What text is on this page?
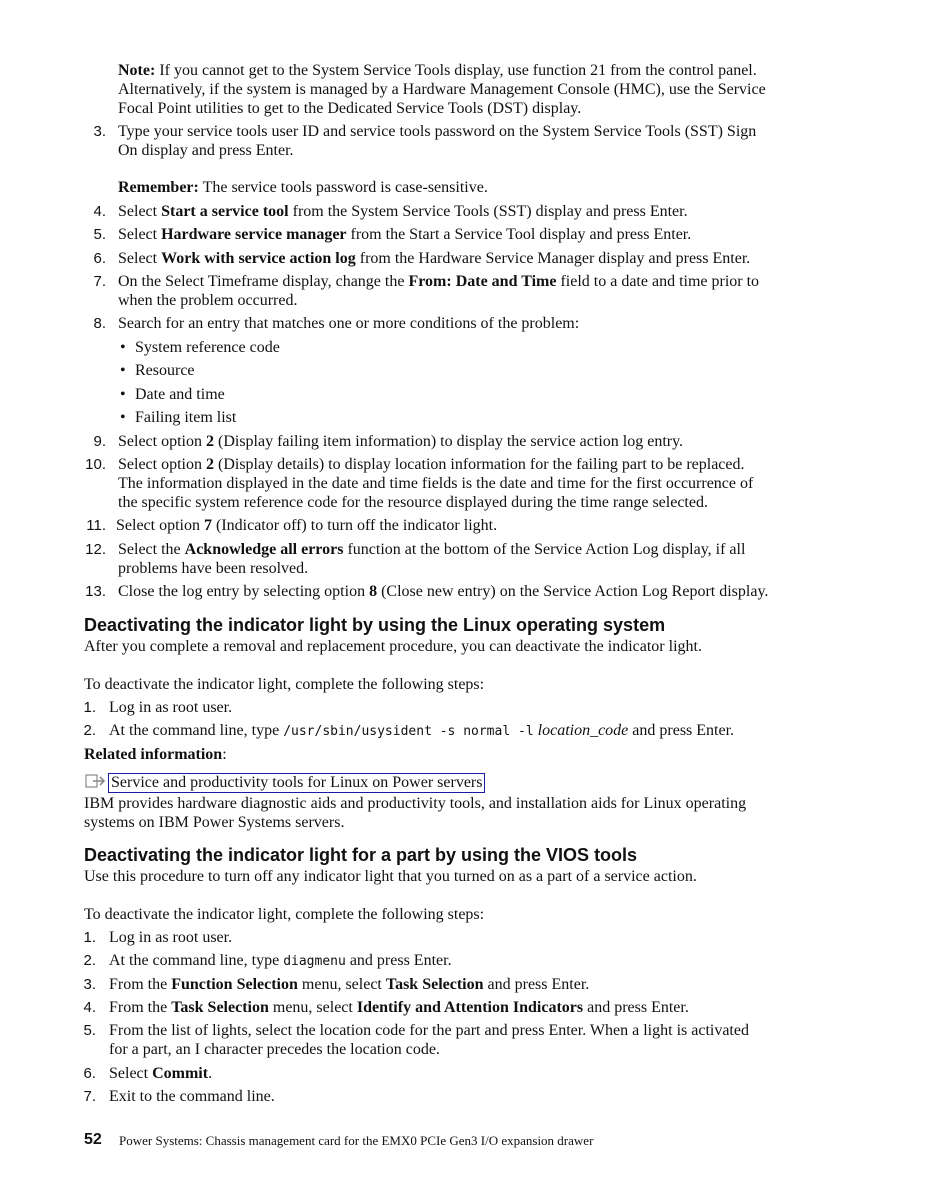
Note: If you cannot get to the System Service Tools display, use function 21 from the control panel.
Alternatively, if the system is managed by a Hardware Management Console (HMC), use the Service
Focal Point utilities to get to the Dedicated Service Tools (DST) display.
3. Type your service tools user ID and service tools password on the System Service Tools (SST) Sign
On display and press Enter.
Remember: The service tools password is case-sensitive.
4. Select Start a service tool from the System Service Tools (SST) display and press Enter.
5. Select Hardware service manager from the Start a Service Tool display and press Enter.
6. Select Work with service action log from the Hardware Service Manager display and press Enter.
7. On the Select Timeframe display, change the From: Date and Time field to a date and time prior to
when the problem occurred.
8. Search for an entry that matches one or more conditions of the problem:
• System reference code
• Resource
• Date and time
• Failing item list
9. Select option 2 (Display failing item information) to display the service action log entry.
10. Select option 2 (Display details) to display location information for the failing part to be replaced.
The information displayed in the date and time fields is the date and time for the first occurrence of
the specific system reference code for the resource displayed during the time range selected.
11. Select option 7 (Indicator off) to turn off the indicator light.
12. Select the Acknowledge all errors function at the bottom of the Service Action Log display, if all
problems have been resolved.
13. Close the log entry by selecting option 8 (Close new entry) on the Service Action Log Report display.
Deactivating the indicator light by using the Linux operating system
After you complete a removal and replacement procedure, you can deactivate the indicator light.
To deactivate the indicator light, complete the following steps:
1. Log in as root user.
2. At the command line, type /usr/sbin/usysident -s normal -l location_code and press Enter.
Related information:
Service and productivity tools for Linux on Power servers
IBM provides hardware diagnostic aids and productivity tools, and installation aids for Linux operating
systems on IBM Power Systems servers.
Deactivating the indicator light for a part by using the VIOS tools
Use this procedure to turn off any indicator light that you turned on as a part of a service action.
To deactivate the indicator light, complete the following steps:
1. Log in as root user.
2. At the command line, type diagmenu and press Enter.
3. From the Function Selection menu, select Task Selection and press Enter.
4. From the Task Selection menu, select Identify and Attention Indicators and press Enter.
5. From the list of lights, select the location code for the part and press Enter. When a light is activated
for a part, an I character precedes the location code.
6. Select Commit.
7. Exit to the command line.
52 Power Systems: Chassis management card for the EMX0 PCIe Gen3 I/O expansion drawer
